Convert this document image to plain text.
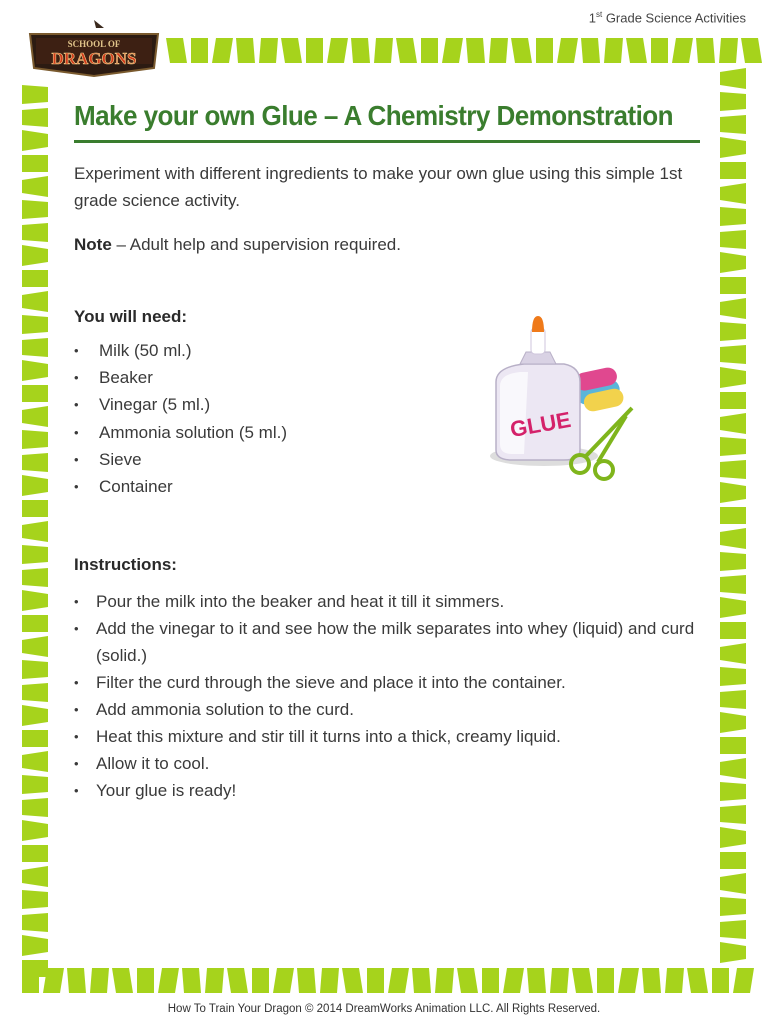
SCHOOL OF
DRAGONS
1st Grade Science Activities
Make your own Glue – A Chemistry Demonstration
Experiment with different ingredients to make your own glue using this simple 1st grade science activity.
Note – Adult help and supervision required.
You will need:
• Milk (50 ml.)
• Beaker
• Vinegar (5 ml.)
• Ammonia solution (5 ml.)
• Sieve
• Container
GLUE
Instructions:
• Pour the milk into the beaker and heat it till it simmers.
• Add the vinegar to it and see how the milk separates into whey (liquid) and curd (solid.)
• Filter the curd through the sieve and place it into the container.
• Add ammonia solution to the curd.
• Heat this mixture and stir till it turns into a thick, creamy liquid.
• Allow it to cool.
• Your glue is ready!
How To Train Your Dragon © 2014 DreamWorks Animation LLC. All Rights Reserved.
